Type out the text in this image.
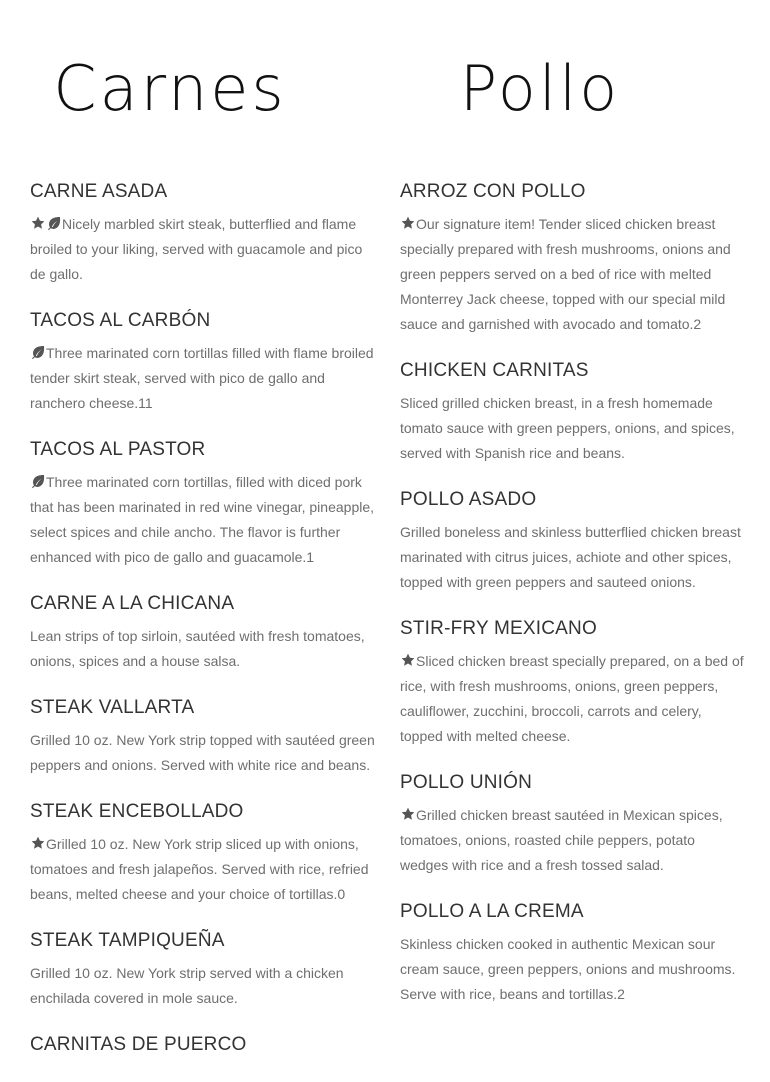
Carnes
CARNE ASADA

Nicely marbled skirt steak, butterflied and flame broiled to your liking, served with guacamole and pico de gallo.

TACOS AL CARBÓN

Three marinated corn tortillas filled with flame broiled tender skirt steak, served with pico de gallo and ranchero cheese.11

TACOS AL PASTOR

Three marinated corn tortillas, filled with diced pork that has been marinated in red wine vinegar, pineapple, select spices and chile ancho. The flavor is further enhanced with pico de gallo and guacamole.1

CARNE A LA CHICANA

Lean strips of top sirloin, sautéed with fresh tomatoes, onions, spices and a house salsa.

STEAK VALLARTA

Grilled 10 oz. New York strip topped with sautéed green peppers and onions. Served with white rice and beans.

STEAK ENCEBOLLADO

Grilled 10 oz. New York strip sliced up with onions, tomatoes and fresh jalapeños. Served with rice, refried beans, melted cheese and your choice of tortillas.0

STEAK TAMPIQUEÑA

Grilled 10 oz. New York strip served with a chicken enchilada covered in mole sauce.

CARNITAS DE PUERCO
Pollo
ARROZ CON POLLO

Our signature item! Tender sliced chicken breast specially prepared with fresh mushrooms, onions and green peppers served on a bed of rice with melted Monterrey Jack cheese, topped with our special mild sauce and garnished with avocado and tomato.2

CHICKEN CARNITAS

Sliced grilled chicken breast, in a fresh homemade tomato sauce with green peppers, onions, and spices, served with Spanish rice and beans.

POLLO ASADO

Grilled boneless and skinless butterflied chicken breast marinated with citrus juices, achiote and other spices, topped with green peppers and sauteed onions.

STIR-FRY MEXICANO

Sliced chicken breast specially prepared, on a bed of rice, with fresh mushrooms, onions, green peppers, cauliflower, zucchini, broccoli, carrots and celery, topped with melted cheese.

POLLO UNIÓN

Grilled chicken breast sautéed in Mexican spices, tomatoes, onions, roasted chile peppers, potato wedges with rice and a fresh tossed salad.

POLLO A LA CREMA

Skinless chicken cooked in authentic Mexican sour cream sauce, green peppers, onions and mushrooms. Serve with rice, beans and tortillas.2
